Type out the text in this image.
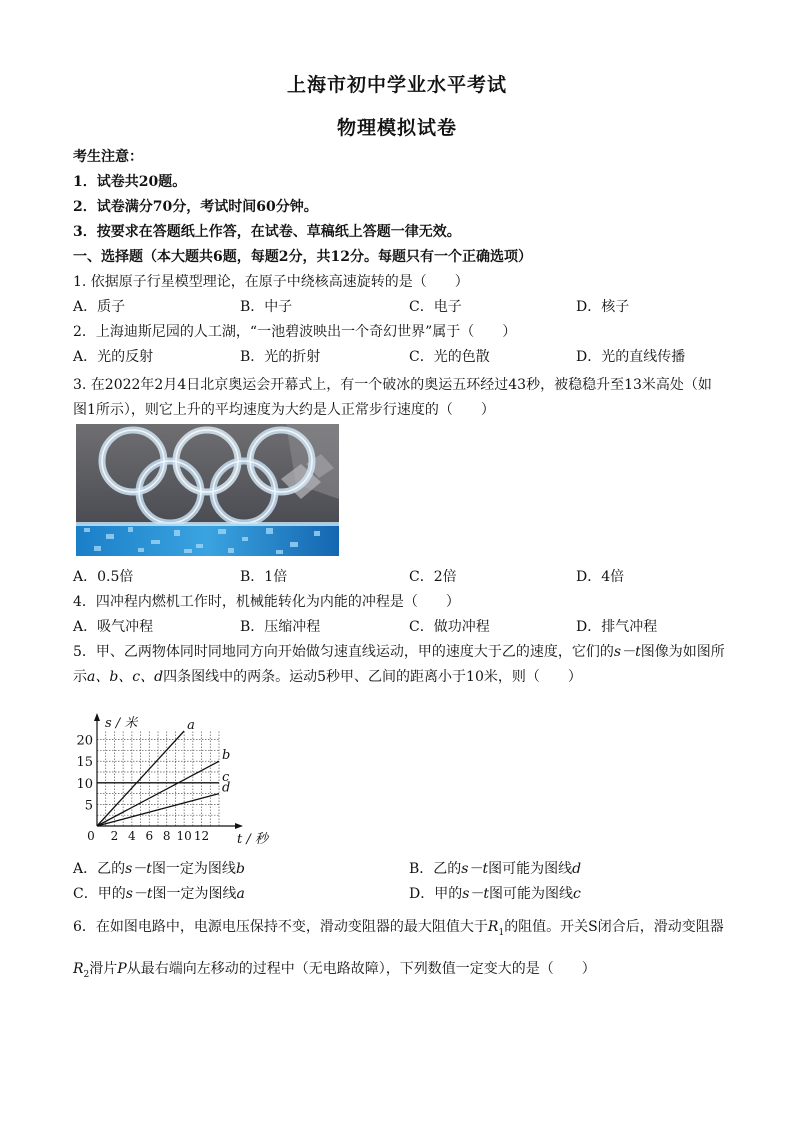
上海市初中学业水平考试
物理模拟试卷
考生注意：
1．试卷共20题。
2．试卷满分70分，考试时间60分钟。
3．按要求在答题纸上作答，在试卷、草稿纸上答题一律无效。
一、选择题（本大题共6题，每题2分，共12分。每题只有一个正确选项）
1. 依据原子行星模型理论，在原子中绕核高速旋转的是（　　）
A．质子	B．中子	C．电子	D．核子
2．上海迪斯尼园的人工湖，“一池碧波映出一个奇幻世界”属于（　　）
A．光的反射	B．光的折射	C．光的色散	D．光的直线传播
3. 在2022年2月4日北京奥运会开幕式上，有一个破冰的奥运五环经过43秒，被稳稳升至13米高处（如图1所示），则它上升的平均速度为大约是人正常步行速度的（　　）
A．0.5倍	B．1倍	C．2倍	D．4倍
4．四冲程内燃机工作时，机械能转化为内能的冲程是（　　）
A．吸气冲程	B．压缩冲程	C．做功冲程	D．排气冲程
5．甲、乙两物体同时同地同方向开始做匀速直线运动，甲的速度大于乙的速度，它们的s－t图像为如图所
示a、b、c、d四条图线中的两条。运动5秒甲、乙间的距离小于10米，则（　　）
s / 米
t / 秒
5
10
15
20
0 2 4 6 8 10 12
a
b
c
d
A．乙的s－t图一定为图线b	B．乙的s－t图可能为图线d
C．甲的s－t图一定为图线a	D．甲的s－t图可能为图线c
6．在如图电路中，电源电压保持不变，滑动变阻器的最大阻值大于$R_1$的阻值。开关S闭合后，滑动变阻器
$R_2$滑片P从最右端向左移动的过程中（无电路故障），下列数值一定变大的是（　　）
